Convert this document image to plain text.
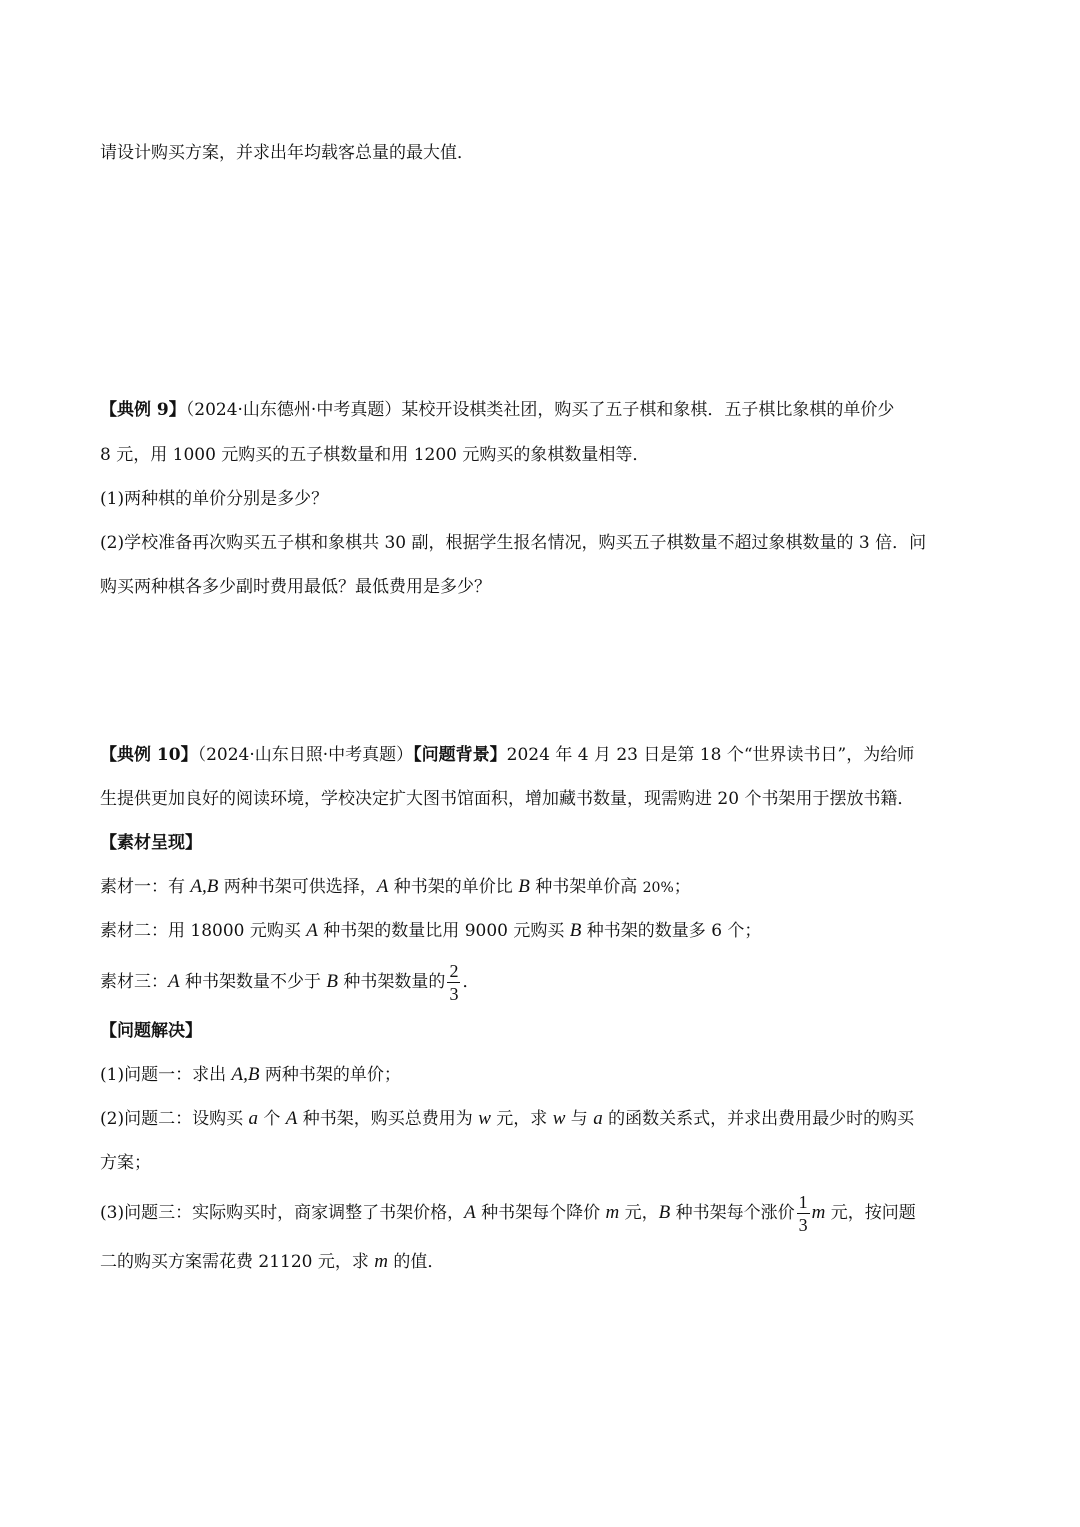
请设计购买方案，并求出年均载客总量的最大值．
【典例 9】（2024·山东德州·中考真题）某校开设棋类社团，购买了五子棋和象棋．五子棋比象棋的单价少
8 元，用 1000 元购买的五子棋数量和用 1200 元购买的象棋数量相等．
(1)两种棋的单价分别是多少？
(2)学校准备再次购买五子棋和象棋共 30 副，根据学生报名情况，购买五子棋数量不超过象棋数量的 3 倍．问
购买两种棋各多少副时费用最低？最低费用是多少？
【典例 10】（2024·山东日照·中考真题）【问题背景】2024 年 4 月 23 日是第 18 个“世界读书日”，为给师
生提供更加良好的阅读环境，学校决定扩大图书馆面积，增加藏书数量，现需购进 20 个书架用于摆放书籍．
【素材呈现】
素材一：有 A,B 两种书架可供选择，A 种书架的单价比 B 种书架单价高 20%；
素材二：用 18000 元购买 A 种书架的数量比用 9000 元购买 B 种书架的数量多 6 个；
素材三：A 种书架数量不少于 B 种书架数量的 $\frac{2}{3}$ ．
【问题解决】
(1)问题一：求出 A,B 两种书架的单价；
(2)问题二：设购买 a 个 A 种书架，购买总费用为 w 元，求 w 与 a 的函数关系式，并求出费用最少时的购买
方案；
(3)问题三：实际购买时，商家调整了书架价格，A 种书架每个降价 m 元，B 种书架每个涨价 $\frac{1}{3}$ m 元，按问题
二的购买方案需花费 21120 元，求 m 的值．
